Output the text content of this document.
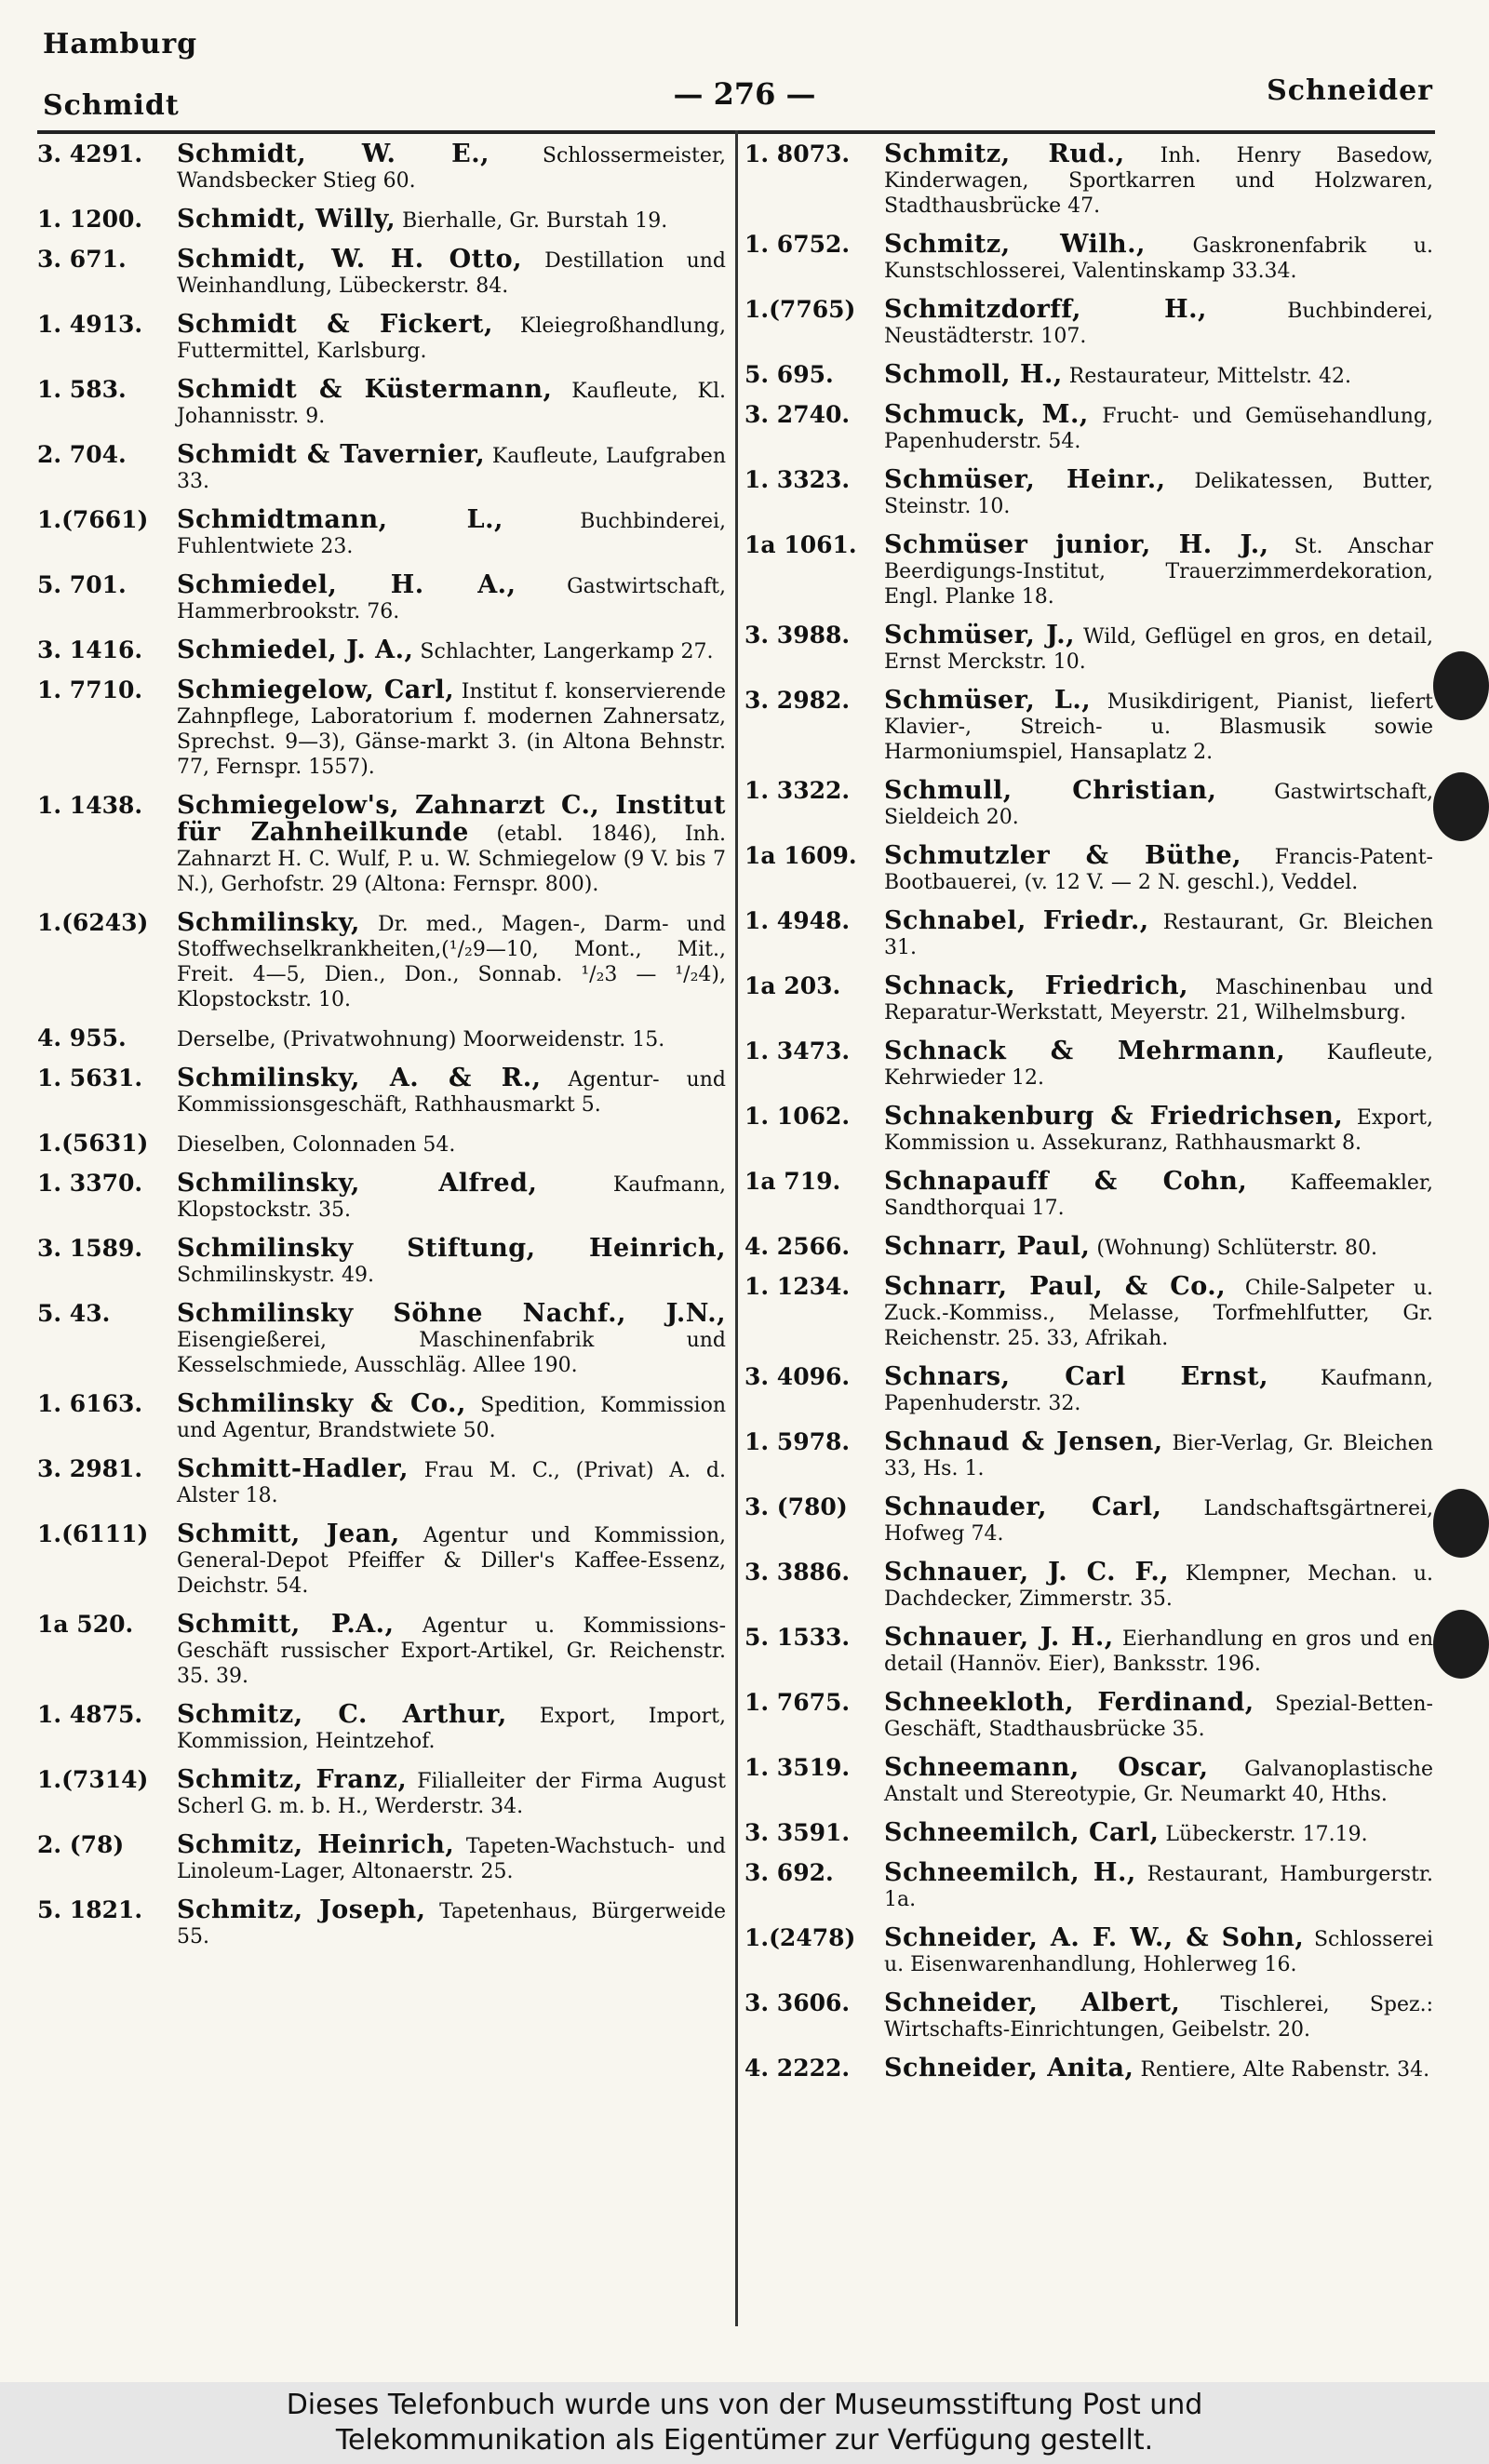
Hamburg
Schmidt	— 276 —	Schneider
3. 4291.	Schmidt, W. E.,	Schlossermeister, Wandsbecker Stieg 60.
1. 1200.	Schmidt, Willy, Bierhalle, Gr. Burstah 19.
3. 671.	Schmidt, W. H. Otto, Destillation und Weinhandlung, Lübeckerstr. 84.
1. 4913.	Schmidt & Fickert, Kleiegroßhandlung, Futtermittel, Karlsburg.
1. 583.	Schmidt & Küstermann, Kaufleute, Kl. Johannisstr. 9.
2. 704.	Schmidt & Tavernier, Kaufleute, Laufgraben 33.
1.(7661)	Schmidtmann, L.,	Buchbinderei, Fuhlentwiete 23.
5. 701.	Schmiedel, H. A., Gastwirtschaft, Hammerbrookstr. 76.
3. 1416.	Schmiedel, J. A., Schlachter, Langerkamp 27.
1. 7710.	Schmiegelow, Carl, Institut f. konservierende Zahnpflege, Laboratorium f. modernen Zahnersatz, Sprechst. 9—3), Gänse-markt 3. (in Altona Behnstr. 77, Fernspr. 1557).
1. 1438.	Schmiegelow's, Zahnarzt C., Institut für Zahnheilkunde (etabl. 1846), Inh. Zahnarzt H. C. Wulf, P. u. W. Schmiegelow (9 V. bis 7 N.), Gerhofstr. 29 (Altona: Fernspr. 800).
1.(6243)	Schmilinsky, Dr. med., Magen-, Darm- und Stoffwechselkrankheiten,(¹/₂9—10, Mont., Mit., Freit. 4—5, Dien., Don., Sonnab. ¹/₂3 — ¹/₂4), Klopstockstr. 10.
4. 955.	Derselbe, (Privatwohnung) Moorweidenstr. 15.
1. 5631.	Schmilinsky, A. & R., Agentur- und Kommissionsgeschäft, Rathhausmarkt 5.
1.(5631)	Dieselben, Colonnaden 54.
1. 3370.	Schmilinsky, Alfred,	Kaufmann, Klopstockstr. 35.
3. 1589.	Schmilinsky Stiftung, Heinrich, Schmilinskystr. 49.
5. 43.	Schmilinsky Söhne Nachf., J.N., Eisengießerei, Maschinenfabrik und Kesselschmiede, Ausschläg. Allee 190.
1. 6163.	Schmilinsky & Co., Spedition, Kommission und Agentur, Brandstwiete 50.
3. 2981.	Schmitt-Hadler, Frau M. C., (Privat) A. d. Alster 18.
1.(6111)	Schmitt, Jean, Agentur und Kommission, General-Depot Pfeiffer & Diller's Kaffee-Essenz, Deichstr. 54.
1a 520.	Schmitt, P.A., Agentur u. Kommissions-Geschäft russischer Export-Artikel, Gr. Reichenstr. 35. 39.
1. 4875.	Schmitz, C. Arthur, Export, Import, Kommission, Heintzehof.
1.(7314)	Schmitz, Franz, Filialleiter der Firma August Scherl G. m. b. H., Werderstr. 34.
2. (78)	Schmitz, Heinrich, Tapeten-Wachstuch- und Linoleum-Lager, Altonaerstr. 25.
5. 1821.	Schmitz, Joseph, Tapetenhaus, Bürgerweide 55.
1. 8073.	Schmitz, Rud., Inh. Henry Basedow, Kinderwagen, Sportkarren und Holzwaren, Stadthausbrücke 47.
1. 6752.	Schmitz, Wilh., Gaskronenfabrik u. Kunstschlosserei, Valentinskamp 33.34.
1.(7765)	Schmitzdorff, H.,	Buchbinderei, Neustädterstr. 107.
5. 695.	Schmoll, H., Restaurateur, Mittelstr. 42.
3. 2740.	Schmuck, M., Frucht- und Gemüsehandlung, Papenhuderstr. 54.
1. 3323.	Schmüser, Heinr., Delikatessen, Butter, Steinstr. 10.
1a 1061.	Schmüser junior, H. J., St. Anschar Beerdigungs-Institut, Trauerzimmerdekoration, Engl. Planke 18.
3. 3988.	Schmüser, J., Wild, Geflügel en gros, en detail, Ernst Merckstr. 10.
3. 2982.	Schmüser, L., Musikdirigent, Pianist, liefert Klavier-, Streich- u. Blasmusik sowie Harmoniumspiel, Hansaplatz 2.
1. 3322.	Schmull, Christian,	Gastwirtschaft, Sieldeich 20.
1a 1609.	Schmutzler & Büthe, Francis-Patent-Bootbauerei, (v. 12 V. — 2 N. geschl.), Veddel.
1. 4948.	Schnabel, Friedr., Restaurant, Gr. Bleichen 31.
1a 203.	Schnack, Friedrich, Maschinenbau und Reparatur-Werkstatt, Meyerstr. 21, Wilhelmsburg.
1. 3473.	Schnack & Mehrmann, Kaufleute, Kehrwieder 12.
1. 1062.	Schnakenburg & Friedrichsen, Export, Kommission u. Assekuranz, Rathhausmarkt 8.
1a 719.	Schnapauff & Cohn, Kaffeemakler, Sandthorquai 17.
4. 2566.	Schnarr, Paul, (Wohnung) Schlüterstr. 80.
1. 1234.	Schnarr, Paul, & Co., Chile-Salpeter u. Zuck.-Kommiss., Melasse, Torfmehlfutter, Gr. Reichenstr. 25. 33, Afrikah.
3. 4096.	Schnars, Carl Ernst,	Kaufmann, Papenhuderstr. 32.
1. 5978.	Schnaud & Jensen, Bier-Verlag, Gr. Bleichen 33, Hs. 1.
3. (780)	Schnauder, Carl, Landschaftsgärtnerei, Hofweg 74.
3. 3886.	Schnauer, J. C. F., Klempner, Mechan. u. Dachdecker, Zimmerstr. 35.
5. 1533.	Schnauer, J. H., Eierhandlung en gros und en detail (Hannöv. Eier), Banksstr. 196.
1. 7675.	Schneekloth, Ferdinand, Spezial-Betten-Geschäft, Stadthausbrücke 35.
1. 3519.	Schneemann, Oscar, Galvanoplastische Anstalt und Stereotypie, Gr. Neumarkt 40, Hths.
3. 3591.	Schneemilch, Carl, Lübeckerstr. 17.19.
3. 692.	Schneemilch, H., Restaurant, Hamburgerstr. 1a.
1.(2478)	Schneider, A. F. W., & Sohn, Schlosserei u. Eisenwarenhandlung, Hohlerweg 16.
3. 3606.	Schneider, Albert, Tischlerei, Spez.: Wirtschafts-Einrichtungen, Geibelstr. 20.
4. 2222.	Schneider, Anita, Rentiere, Alte Rabenstr. 34.
Dieses Telefonbuch wurde uns von der Museumsstiftung Post und
Telekommunikation als Eigentümer zur Verfügung gestellt.
